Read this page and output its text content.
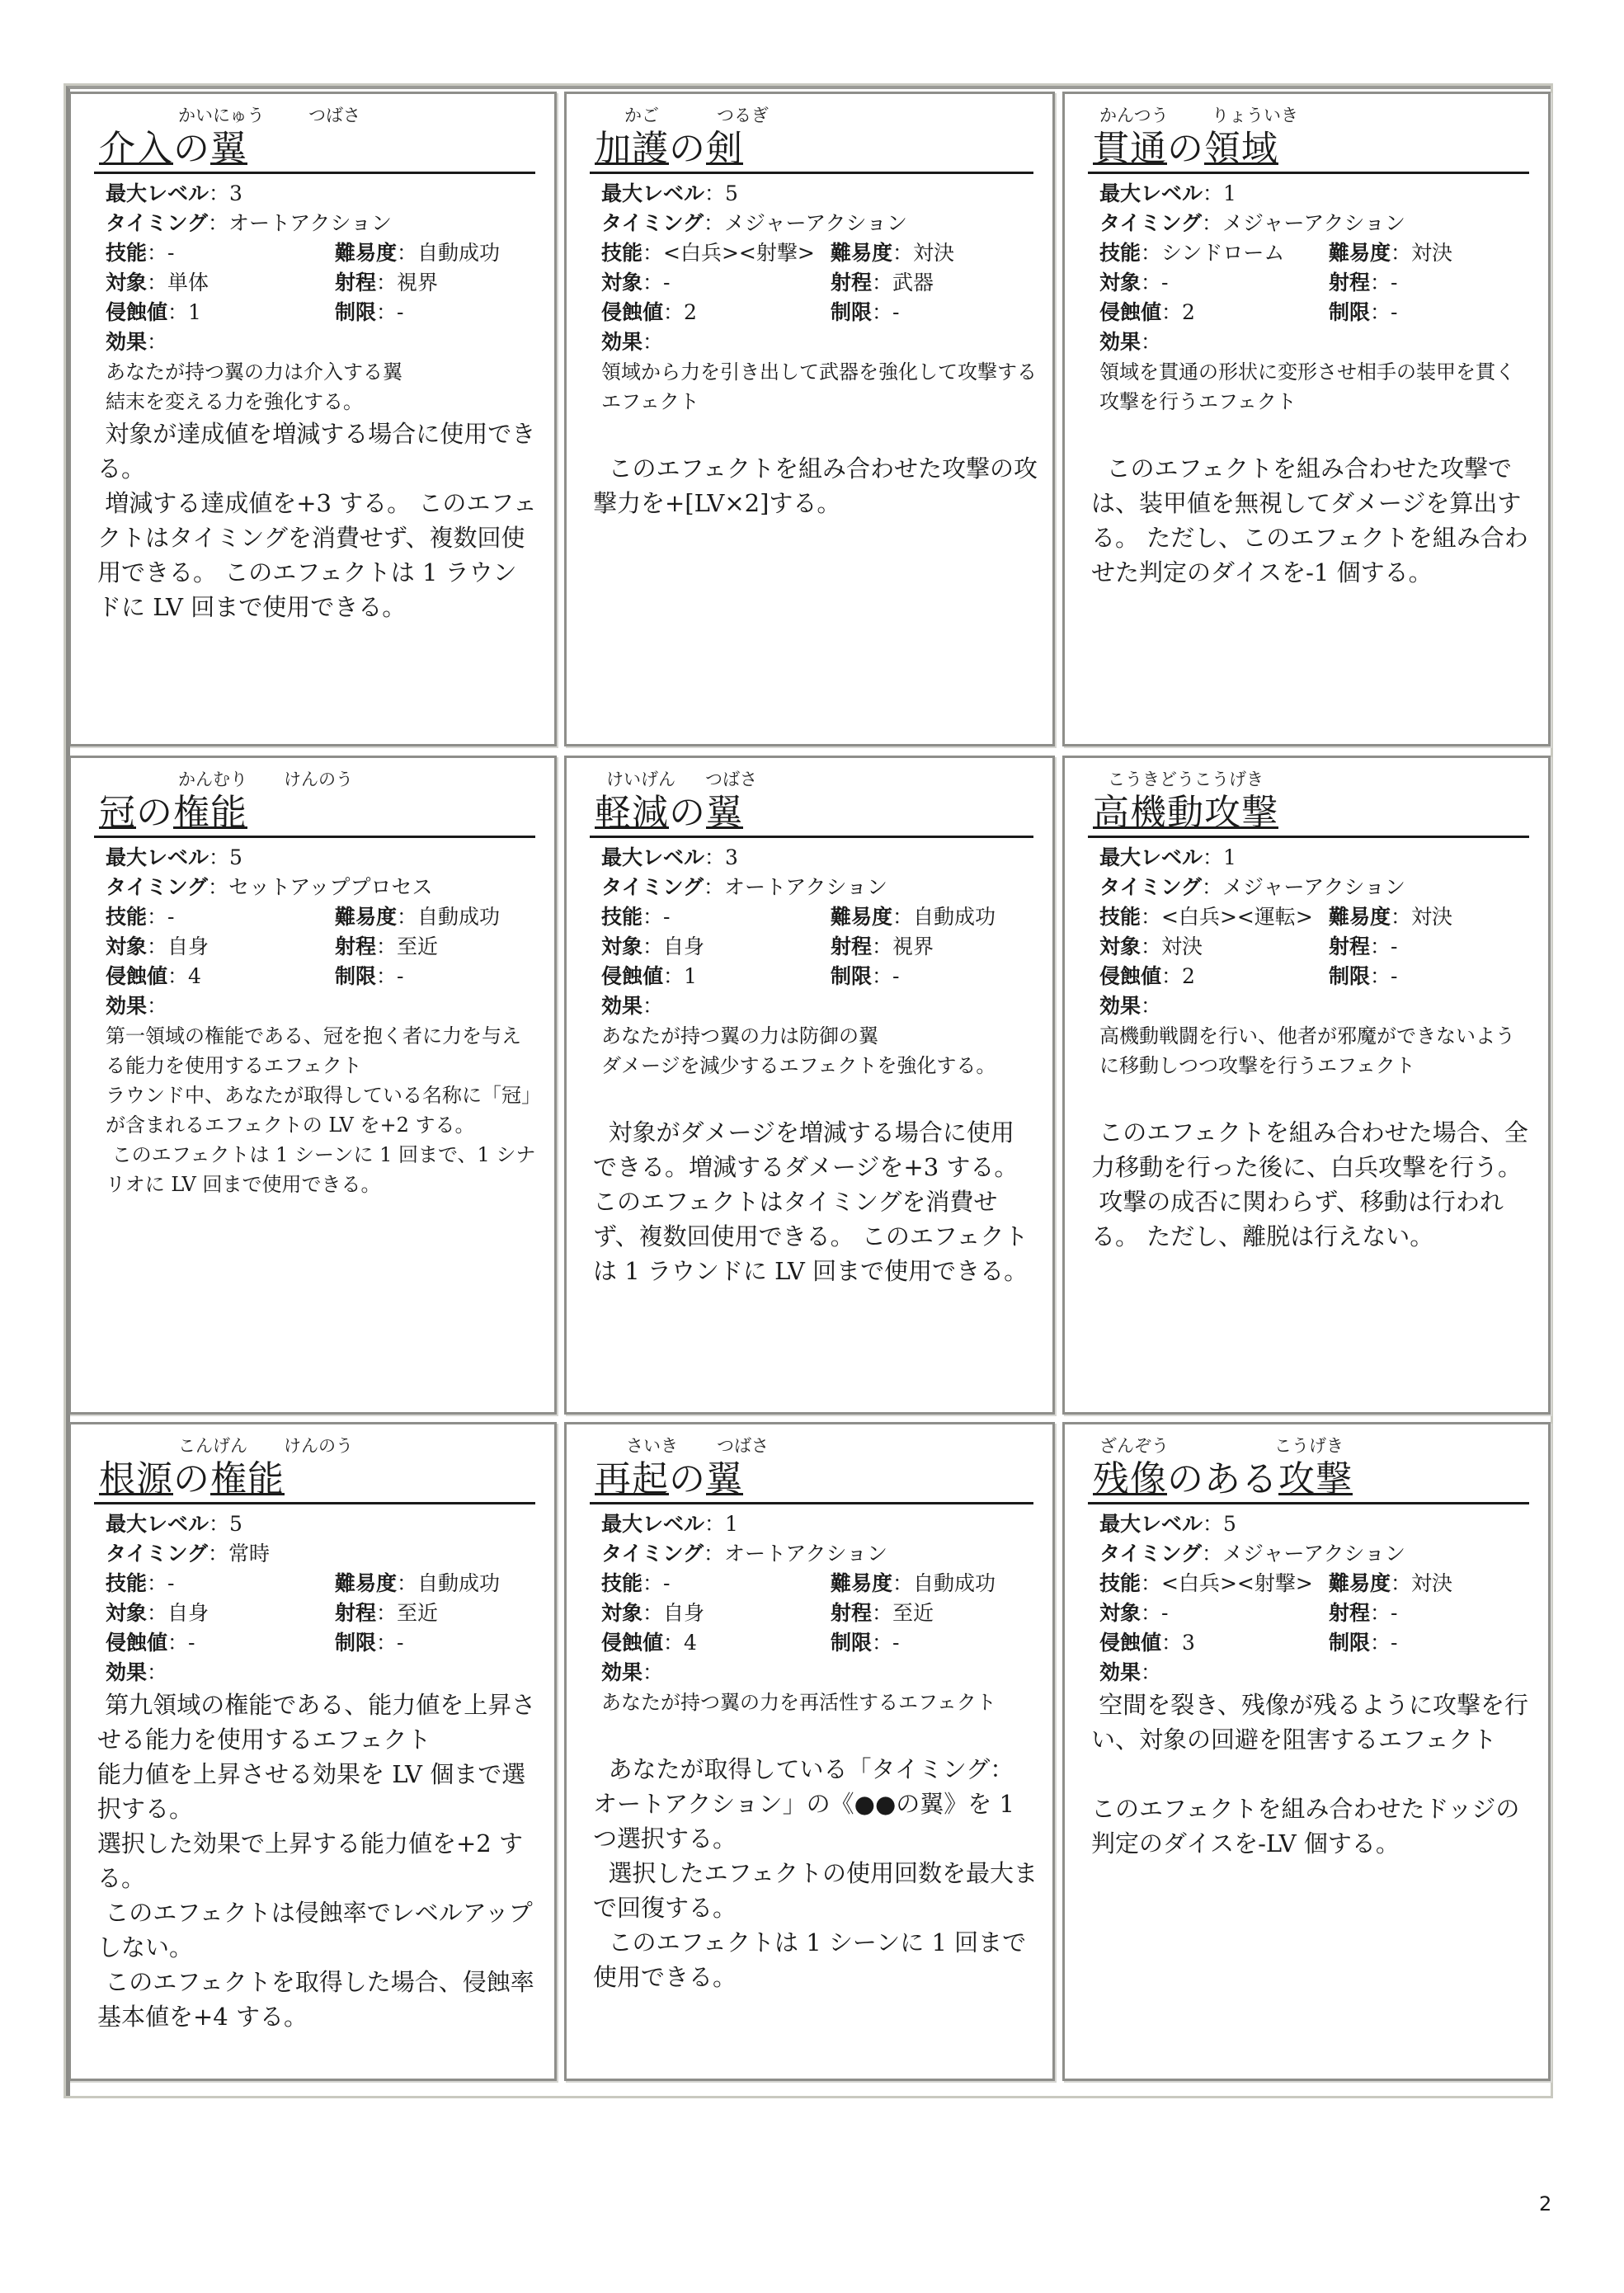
かいにゅう	つばさ
介入の翼
最大レベル：3
タイミング：オートアクション
技能：-	難易度：自動成功
対象：単体	射程：視界
侵蝕値：1	制限：-
効果：
あなたが持つ翼の力は介入する翼
結末を変える力を強化する。
対象が達成値を増減する場合に使用できる。
増減する達成値を+3 する。 このエフェクトはタイミングを消費せず、複数回使用できる。 このエフェクトは 1 ラウンドに LV 回まで使用できる。
かご	つるぎ
加護の剣
最大レベル：5
タイミング：メジャーアクション
技能：<白兵><射撃> 難易度：対決
対象：-	射程：武器
侵蝕値：2	制限：-
効果：
領域から力を引き出して武器を強化して攻撃するエフェクト

このエフェクトを組み合わせた攻撃の攻撃力を+[LV×2]する。
かんつう りょういき
貫通の領域
最大レベル：1
タイミング：メジャーアクション
技能：シンドローム 難易度：対決
対象：-	射程：-
侵蝕値：2	制限：-
効果：
領域を貫通の形状に変形させ相手の装甲を貫く攻撃を行うエフェクト

このエフェクトを組み合わせた攻撃では、装甲値を無視してダメージを算出する。 ただし、このエフェクトを組み合わせた判定のダイスを-1 個する。
かんむり けんのう
冠の権能
最大レベル：5
タイミング：セットアッププロセス
技能：-	難易度：自動成功
対象：自身	射程：至近
侵蝕値：4	制限：-
効果：
第一領域の権能である、冠を抱く者に力を与える能力を使用するエフェクト
ラウンド中、あなたが取得している名称に「冠」が含まれるエフェクトの LV を+2 する。
このエフェクトは 1 シーンに 1 回まで、1 シナリオに LV 回まで使用できる。
けいげん つばさ
軽減の翼
最大レベル：3
タイミング：オートアクション
技能：-	難易度：自動成功
対象：自身	射程：視界
侵蝕値：1	制限：-
効果：
あなたが持つ翼の力は防御の翼
ダメージを減少するエフェクトを強化する。

対象がダメージを増減する場合に使用できる。増減するダメージを+3 する。このエフェクトはタイミングを消費せず、複数回使用できる。 このエフェクトは 1 ラウンドに LV 回まで使用できる。
こうきどうこうげき
高機動攻撃
最大レベル：1
タイミング：メジャーアクション
技能：<白兵><運転> 難易度：対決
対象：対決	射程：-
侵蝕値：2	制限：-
効果：
高機動戦闘を行い、他者が邪魔ができないように移動しつつ攻撃を行うエフェクト

このエフェクトを組み合わせた場合、全力移動を行った後に、白兵攻撃を行う。
攻撃の成否に関わらず、移動は行われる。 ただし、離脱は行えない。
こんげん けんのう
根源の権能
最大レベル：5
タイミング：常時
技能：-	難易度：自動成功
対象：自身	射程：至近
侵蝕値：-	制限：-
効果：
第九領域の権能である、能力値を上昇させる能力を使用するエフェクト
能力値を上昇させる効果を LV 個まで選択する。
選択した効果で上昇する能力値を+2 する。
このエフェクトは侵蝕率でレベルアップしない。
このエフェクトを取得した場合、侵蝕率基本値を+4 する。
さいき つばさ
再起の翼
最大レベル：1
タイミング：オートアクション
技能：-	難易度：自動成功
対象：自身	射程：至近
侵蝕値：4	制限：-
効果：
あなたが持つ翼の力を再活性するエフェクト

あなたが取得している「タイミング：オートアクション」の《●●の翼》を 1 つ選択する。
選択したエフェクトの使用回数を最大まで回復する。
このエフェクトは 1 シーンに 1 回まで使用できる。
ざんぞう	こうげき
残像のある攻撃
最大レベル：5
タイミング：メジャーアクション
技能：<白兵><射撃> 難易度：対決
対象：-	射程：-
侵蝕値：3	制限：-
効果：
空間を裂き、残像が残るように攻撃を行い、対象の回避を阻害するエフェクト

このエフェクトを組み合わせたドッジの判定のダイスを-LV 個する。
2
